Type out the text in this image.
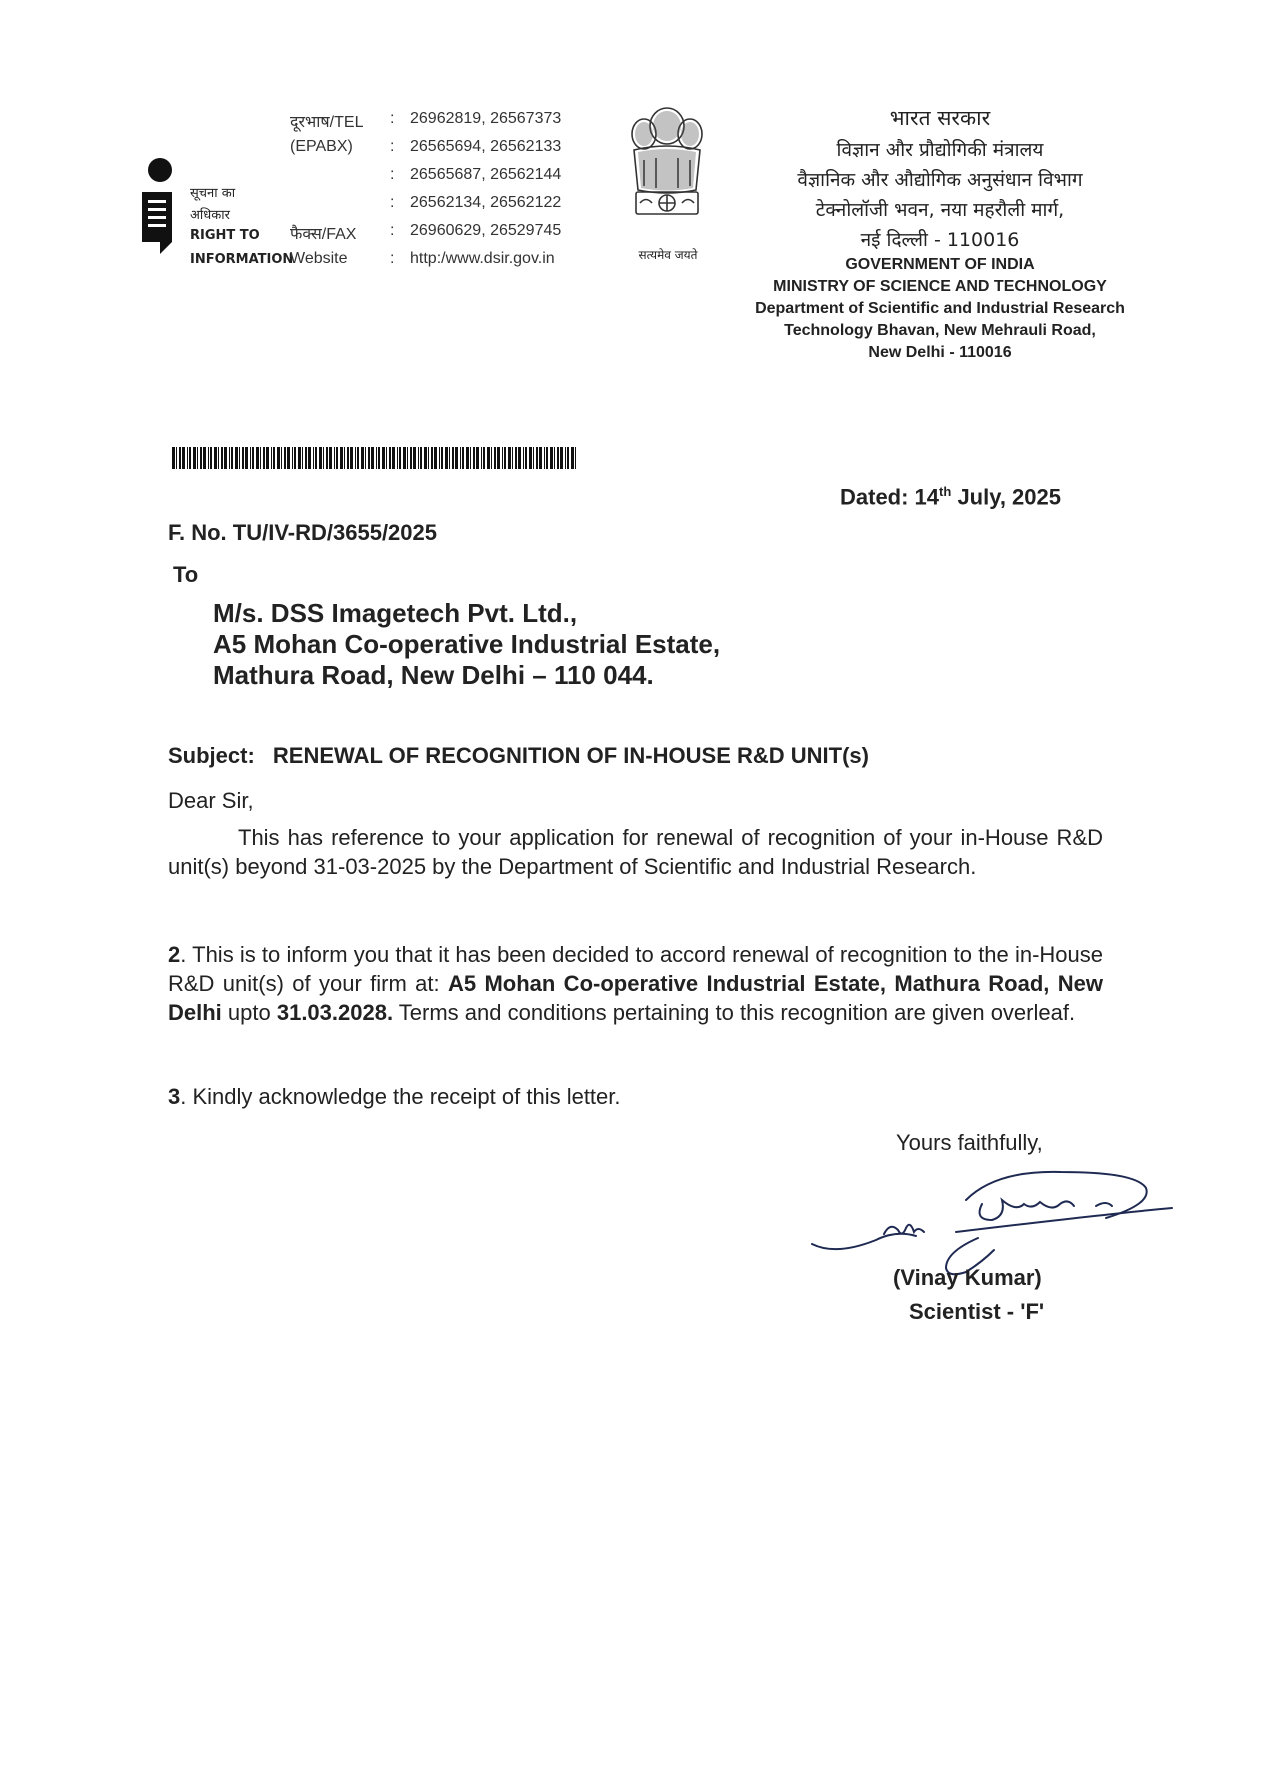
सूचना का
अधिकार
RIGHT TO
INFORMATION
दूरभाष/TEL : 26962819, 26567373
(EPABX) : 26565694, 26562133
: 26565687, 26562144
: 26562134, 26562122
फैक्स/FAX : 26960629, 26529745
Website	: http:/www.dsir.gov.in	सत्यमेव जयते
भारत सरकार
विज्ञान और प्रौद्योगिकी मंत्रालय
वैज्ञानिक और औद्योगिक अनुसंधान विभाग
टेक्नोलॉजी भवन, नया महरौली मार्ग,
नई दिल्ली - 110016
GOVERNMENT OF INDIA
MINISTRY OF SCIENCE AND TECHNOLOGY
Department of Scientific and Industrial Research
Technology Bhavan, New Mehrauli Road,
New Delhi - 110016
Dated: 14th July, 2025
F. No. TU/IV-RD/3655/2025
To
M/s. DSS Imagetech Pvt. Ltd.,
A5 Mohan Co-operative Industrial Estate,
Mathura Road, New Delhi – 110 044.
Subject: RENEWAL OF RECOGNITION OF IN-HOUSE R&D UNIT(s)
Dear Sir,
This has reference to your application for renewal of recognition of your in-House R&D unit(s) beyond 31-03-2025 by the Department of Scientific and Industrial Research.
2. This is to inform you that it has been decided to accord renewal of recognition to the in-House R&D unit(s) of your firm at: A5 Mohan Co-operative Industrial Estate, Mathura Road, New Delhi upto 31.03.2028. Terms and conditions pertaining to this recognition are given overleaf.
3. Kindly acknowledge the receipt of this letter.
Yours faithfully,
(Vinay Kumar)
Scientist - 'F'
